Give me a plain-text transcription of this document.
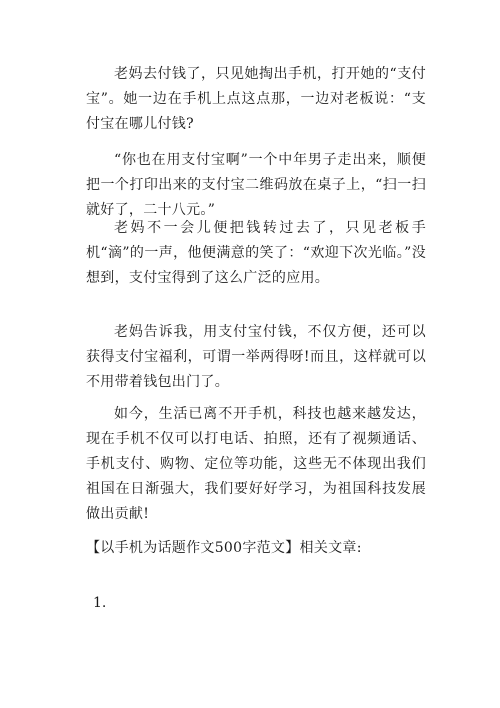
老妈去付钱了，只见她掏出手机，打开她的“支付宝”。她一边在手机上点这点那，一边对老板说：“支付宝在哪儿付钱?

“你也在用支付宝啊”一个中年男子走出来，顺便把一个打印出来的支付宝二维码放在桌子上，“扫一扫就好了，二十八元。”

老妈不一会儿便把钱转过去了，只见老板手机“滴”的一声，他便满意的笑了：“欢迎下次光临。”没想到，支付宝得到了这么广泛的应用。

老妈告诉我，用支付宝付钱，不仅方便，还可以获得支付宝福利，可谓一举两得呀!而且，这样就可以不用带着钱包出门了。

如今，生活已离不开手机，科技也越来越发达，现在手机不仅可以打电话、拍照，还有了视频通话、手机支付、购物、定位等功能，这些无不体现出我们祖国在日渐强大，我们要好好学习，为祖国科技发展做出贡献!

【以手机为话题作文500字范文】相关文章:

1.
